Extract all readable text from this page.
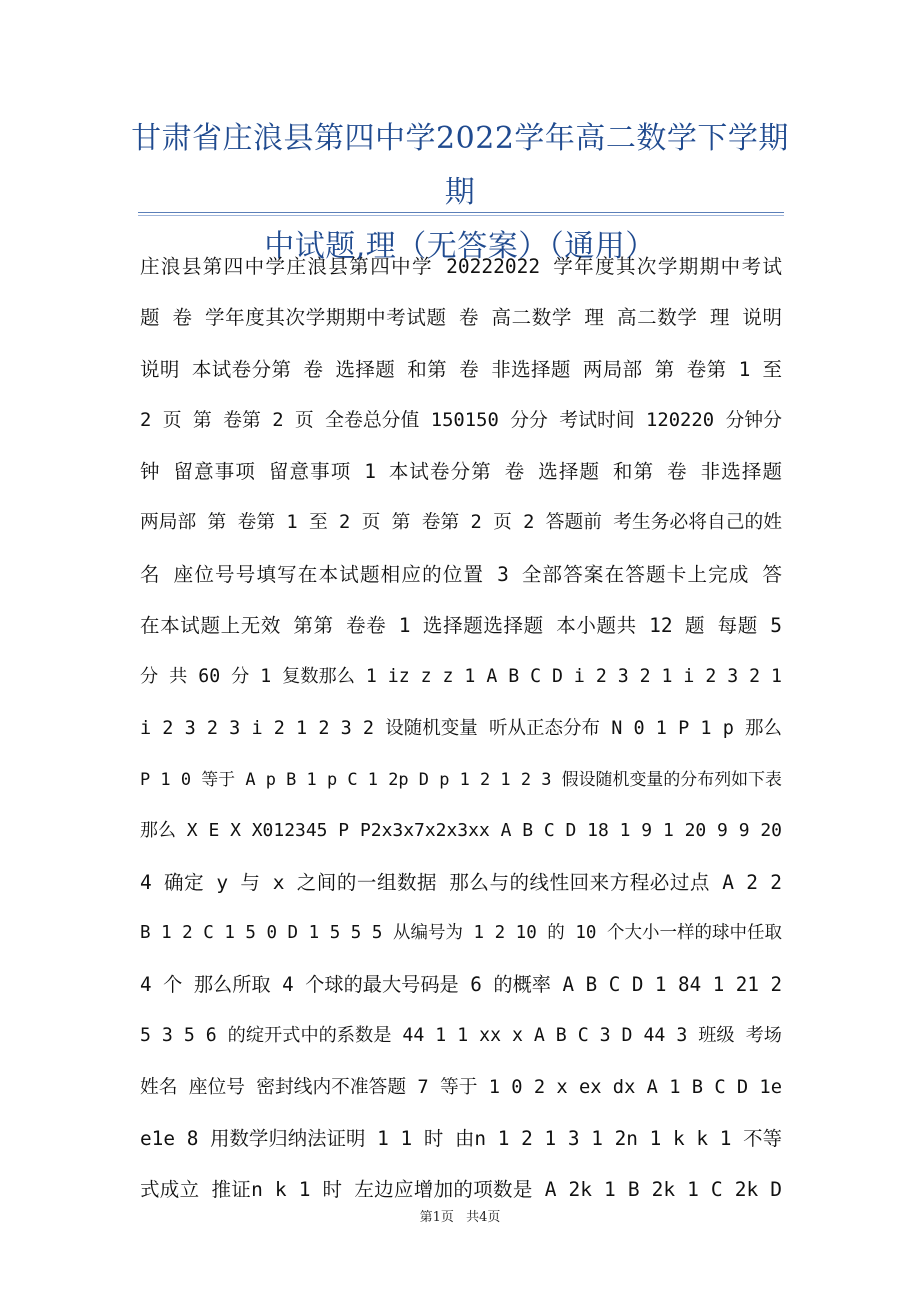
甘肃省庄浪县第四中学2022学年高二数学下学期期
中试题,理（无答案）（通用）
庄浪县第四中学庄浪县第四中学 20222022 学年度其次学期期中考试
题 卷 学年度其次学期期中考试题 卷 高二数学 理 高二数学 理 说明
说明 本试卷分第 卷 选择题 和第 卷 非选择题 两局部 第 卷第 1 至
2 页 第 卷第 2 页 全卷总分值 150150 分分 考试时间 120220 分钟分
钟 留意事项 留意事项 1 本试卷分第 卷 选择题 和第 卷 非选择题
两局部 第 卷第 1 至 2 页 第 卷第 2 页 2 答题前 考生务必将自己的姓
名 座位号号填写在本试题相应的位置 3 全部答案在答题卡上完成 答
在本试题上无效 第第 卷卷 1 选择题选择题 本小题共 12 题 每题 5
分 共 60 分 1 复数那么 1 iz z z 1 A B C D i 2 3 2 1 i 2 3 2 1
i 2 3 2 3 i 2 1 2 3 2 设随机变量 听从正态分布 N 0 1 P 1 p 那么
P 1 0 等于 A p B 1 p C 1 2p D p 1 2 1 2 3 假设随机变量的分布列如下表
那么 X E X X012345 P P2x3x7x2x3xx A B C D 18 1 9 1 20 9 9 20
4 确定 y 与 x 之间的一组数据 那么与的线性回来方程必过点 A 2 2
B 1 2 C 1 5 0 D 1 5 5 5 从编号为 1 2 10 的 10 个大小一样的球中任取
4 个 那么所取 4 个球的最大号码是 6 的概率 A B C D 1 84 1 21 2
5 3 5 6 的绽开式中的系数是 44 1 1 xx x A B C 3 D 44 3 班级 考场
姓名 座位号 密封线内不准答题 7 等于 1 0 2 x ex dx A 1 B C D 1e
e1e 8 用数学归纳法证明 1 1 时 由n 1 2 1 3 1 2n 1 k k 1 不等
式成立 推证n k 1 时 左边应增加的项数是 A 2k 1 B 2k 1 C 2k D
第1页 共4页
